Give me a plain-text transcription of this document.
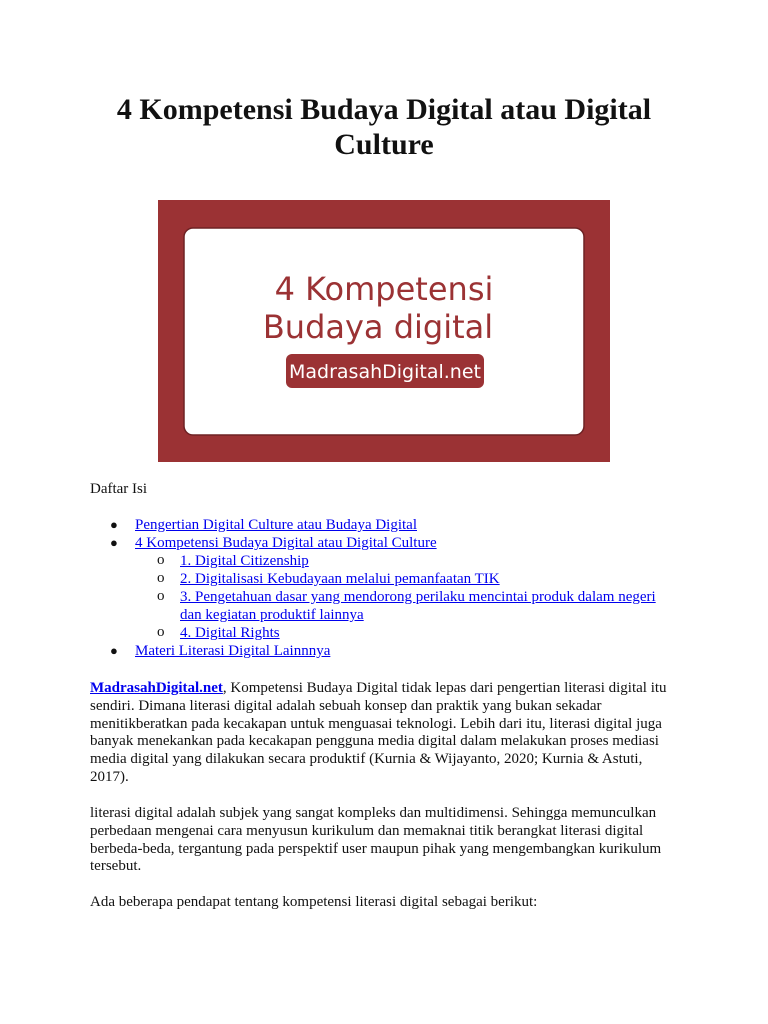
4 Kompetensi Budaya Digital atau Digital Culture
4 Kompetensi
Budaya digital
MadrasahDigital.net
Daftar Isi
● Pengertian Digital Culture atau Budaya Digital
● 4 Kompetensi Budaya Digital atau Digital Culture
o 1. Digital Citizenship
o 2. Digitalisasi Kebudayaan melalui pemanfaatan TIK
o 3. Pengetahuan dasar yang mendorong perilaku mencintai produk dalam negeri
dan kegiatan produktif lainnya
o 4. Digital Rights
● Materi Literasi Digital Lainnnya

MadrasahDigital.net, Kompetensi Budaya Digital tidak lepas dari pengertian literasi digital itu sendiri. Dimana literasi digital adalah sebuah konsep dan praktik yang bukan sekadar menitikberatkan pada kecakapan untuk menguasai teknologi. Lebih dari itu, literasi digital juga banyak menekankan pada kecakapan pengguna media digital dalam melakukan proses mediasi media digital yang dilakukan secara produktif (Kurnia & Wijayanto, 2020; Kurnia & Astuti, 2017).

literasi digital adalah subjek yang sangat kompleks dan multidimensi. Sehingga memunculkan perbedaan mengenai cara menyusun kurikulum dan memaknai titik berangkat literasi digital berbeda-beda, tergantung pada perspektif user maupun pihak yang mengembangkan kurikulum tersebut.

Ada beberapa pendapat tentang kompetensi literasi digital sebagai berikut:
